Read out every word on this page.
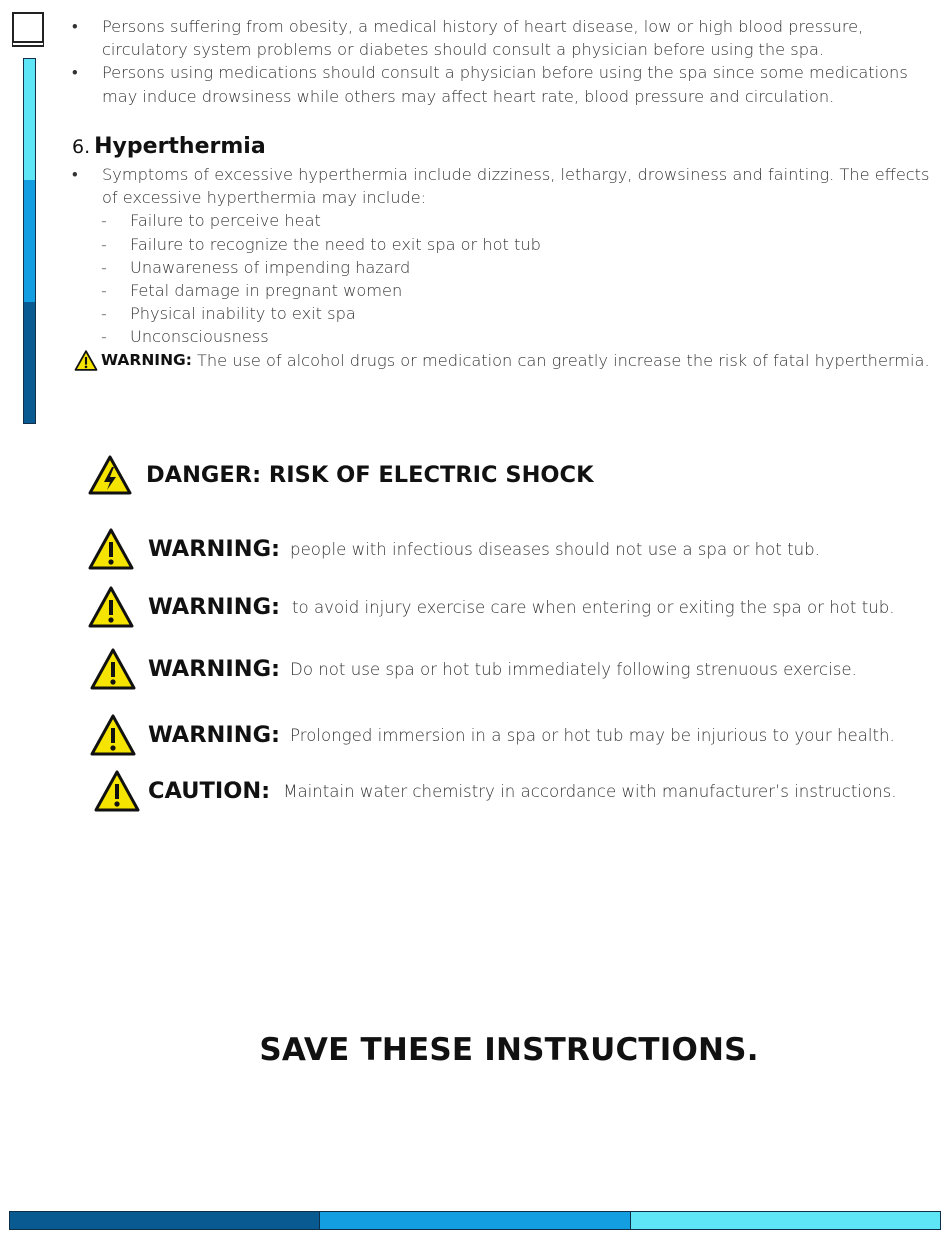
• Persons suffering from obesity, a medical history of heart disease, low or high blood pressure, circulatory system problems or diabetes should consult a physician before using the spa.
• Persons using medications should consult a physician before using the spa since some medications may induce drowsiness while others may affect heart rate, blood pressure and circulation.
6. Hyperthermia
• Symptoms of excessive hyperthermia include dizziness, lethargy, drowsiness and fainting. The effects of excessive hyperthermia may include:
- Failure to perceive heat
- Failure to recognize the need to exit spa or hot tub
- Unawareness of impending hazard
- Fetal damage in pregnant women
- Physical inability to exit spa
- Unconsciousness
WARNING: The use of alcohol drugs or medication can greatly increase the risk of fatal hyperthermia.
DANGER: RISK OF ELECTRIC SHOCK
WARNING: people with infectious diseases should not use a spa or hot tub.
WARNING: to avoid injury exercise care when entering or exiting the spa or hot tub.
WARNING: Do not use spa or hot tub immediately following strenuous exercise.
WARNING: Prolonged immersion in a spa or hot tub may be injurious to your health.
CAUTION: Maintain water chemistry in accordance with manufacturer’s instructions.
SAVE THESE INSTRUCTIONS.
